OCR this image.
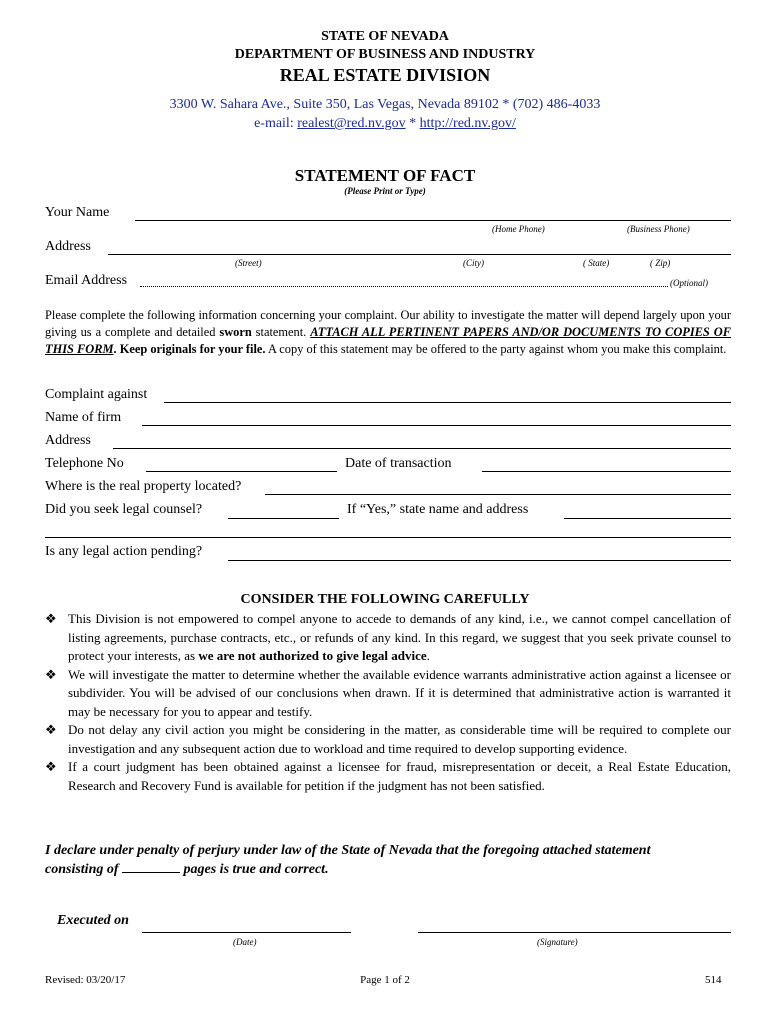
STATE OF NEVADA
DEPARTMENT OF BUSINESS AND INDUSTRY
REAL ESTATE DIVISION
3300 W. Sahara Ave., Suite 350, Las Vegas, Nevada 89102 * (702) 486-4033
e-mail: realest@red.nv.gov * http://red.nv.gov/
STATEMENT OF FACT
(Please Print or Type)
Your Name
(Home Phone)	(Business Phone)
Address
(Street)	(City)	( State)	( Zip)
Email Address	(Optional)
Please complete the following information concerning your complaint. Our ability to investigate the matter will depend largely upon your giving us a complete and detailed sworn statement. ATTACH ALL PERTINENT PAPERS AND/OR DOCUMENTS TO COPIES OF THIS FORM. Keep originals for your file. A copy of this statement may be offered to the party against whom you make this complaint.
Complaint against
Name of firm
Address
Telephone No	Date of transaction
Where is the real property located?
Did you seek legal counsel?	If “Yes,” state name and address
Is any legal action pending?
CONSIDER THE FOLLOWING CAREFULLY
❖ This Division is not empowered to compel anyone to accede to demands of any kind, i.e., we cannot compel cancellation of listing agreements, purchase contracts, etc., or refunds of any kind. In this regard, we suggest that you seek private counsel to protect your interests, as we are not authorized to give legal advice.
❖ We will investigate the matter to determine whether the available evidence warrants administrative action against a licensee or subdivider. You will be advised of our conclusions when drawn. If it is determined that administrative action is warranted it may be necessary for you to appear and testify.
❖ Do not delay any civil action you might be considering in the matter, as considerable time will be required to complete our investigation and any subsequent action due to workload and time required to develop supporting evidence.
❖ If a court judgment has been obtained against a licensee for fraud, misrepresentation or deceit, a Real Estate Education, Research and Recovery Fund is available for petition if the judgment has not been satisfied.
I declare under penalty of perjury under law of the State of Nevada that the foregoing attached statement
consisting of	pages is true and correct.
Executed on
(Date)	(Signature)
Revised: 03/20/17	Page 1 of 2	514
